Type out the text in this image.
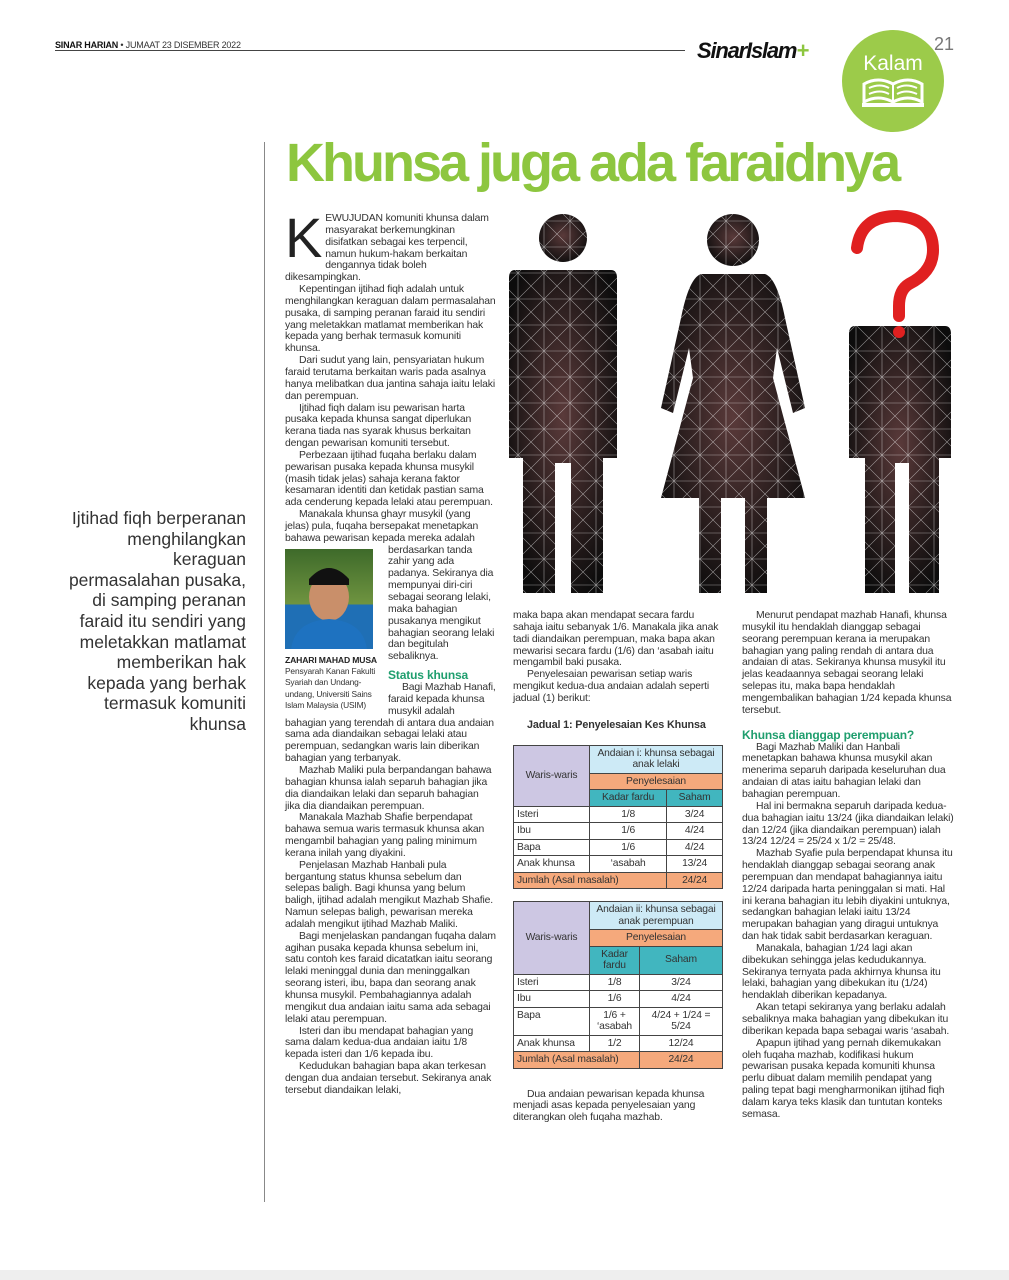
SINAR HARIAN • JUMAAT 23 DISEMBER 2022	SinarIslam+
Kalam
21
Khunsa juga ada faraidnya
Ijtihad fiqh berperanan menghilangkan keraguan permasalahan pusaka, di samping peranan faraid itu sendiri yang meletakkan matlamat memberikan hak kepada yang berhak termasuk komuniti khunsa

KEWUJUDAN komuniti khunsa dalam masyarakat berkemungkinan disifatkan sebagai kes terpencil, namun hukum-hakam berkaitan dengannya tidak boleh dikesampingkan.

Kepentingan ijtihad fiqh adalah untuk menghilangkan keraguan dalam permasalahan pusaka, di samping peranan faraid itu sendiri yang meletakkan matlamat memberikan hak kepada yang berhak termasuk komuniti khunsa.

Dari sudut yang lain, pensyariatan hukum faraid terutama berkaitan waris pada asalnya hanya melibatkan dua jantina sahaja iaitu lelaki dan perempuan.

Ijtihad fiqh dalam isu pewarisan harta pusaka kepada khunsa sangat diperlukan kerana tiada nas syarak khusus berkaitan dengan pewarisan komuniti tersebut.

Perbezaan ijtihad fuqaha berlaku dalam pewarisan pusaka kepada khunsa musykil (masih tidak jelas) sahaja kerana faktor kesamaran identiti dan ketidak pastian sama ada cenderung kepada lelaki atau perempuan.

Manakala khunsa ghayr musykil (yang jelas) pula, fuqaha bersepakat menetapkan bahawa pewarisan kepada
ZAHARI MAHAD MUSA
Pensyarah Kanan Fakulti Syariah dan Undang-undang, Universiti Sains Islam Malaysia (USIM)
mereka adalah berdasarkan tanda zahir yang ada padanya. Sekiranya dia mempunyai diri-ciri sebagai seorang lelaki, maka bahagian pusakanya mengikut bahagian seorang lelaki dan begitulah sebaliknya.

Status khunsa

Bagi Mazhab Hanafi, faraid kepada khunsa musykil adalah bahagian yang terendah di antara dua andaian sama ada diandaikan sebagai lelaki atau perempuan, sedangkan waris lain diberikan bahagian yang terbanyak.

Mazhab Maliki pula berpandangan bahawa bahagian khunsa ialah separuh bahagian jika dia diandaikan lelaki dan separuh bahagian jika dia diandaikan perempuan.

Manakala Mazhab Shafie berpendapat bahawa semua waris termasuk khunsa akan mengambil bahagian yang paling minimum kerana inilah yang diyakini.

Penjelasan Mazhab Hanbali pula bergantung status khunsa sebelum dan selepas baligh. Bagi khunsa yang belum baligh, ijtihad adalah mengikut Mazhab Shafie. Namun selepas baligh, pewarisan mereka adalah mengikut ijtihad Mazhab Maliki.

Bagi menjelaskan pandangan fuqaha dalam agihan pusaka kepada khunsa sebelum ini, satu contoh kes faraid dicatatkan iaitu seorang lelaki meninggal dunia dan meninggalkan seorang isteri, ibu, bapa dan seorang anak khunsa musykil. Pembahagiannya adalah mengikut dua andaian iaitu sama ada sebagai lelaki atau perempuan.

Isteri dan ibu mendapat bahagian yang sama dalam kedua-dua andaian iaitu 1/8 kepada isteri dan 1/6 kepada ibu.

Kedudukan bahagian bapa akan terkesan dengan dua andaian tersebut. Sekiranya anak tersebut diandaikan lelaki,

maka bapa akan mendapat secara fardu sahaja iaitu sebanyak 1/6. Manakala jika anak tadi diandaikan perempuan, maka bapa akan mewarisi secara fardu (1/6) dan ‘asabah iaitu mengambil baki pusaka.

Penyelesaian pewarisan setiap waris mengikut kedua-dua andaian adalah seperti jadual (1) berikut:

Jadual 1: Penyelesaian Kes Khunsa

Waris-waris	Andaian i: khunsa sebagai anak lelaki	
	Penyelesaian	
	Kadar fardu	Saham
Isteri	1/8	3/24
Ibu	1/6	4/24
Bapa	1/6	4/24
Anak khunsa	‘asabah	13/24
Jumlah (Asal masalah)		24/24
Waris-waris	Andaian ii: khunsa sebagai anak perempuan	
	Penyelesaian	
	Kadar fardu	Saham
Isteri	1/8	3/24
Ibu	1/6	4/24
Bapa	1/6 + ‘asabah	4/24 + 1/24 = 5/24
Anak khunsa	1/2	12/24
Jumlah (Asal masalah)		24/24

Dua andaian pewarisan kepada khunsa menjadi asas kepada penyelesaian yang diterangkan oleh fuqaha mazhab.

Menurut pendapat mazhab Hanafi, khunsa musykil itu hendaklah dianggap sebagai seorang perempuan kerana ia merupakan bahagian yang paling rendah di antara dua andaian di atas. Sekiranya khunsa musykil itu jelas keadaannya sebagai seorang lelaki selepas itu, maka bapa hendaklah mengembalikan bahagian 1/24 kepada khunsa tersebut.

Khunsa dianggap perempuan?

Bagi Mazhab Maliki dan Hanbali menetapkan bahawa khunsa musykil akan menerima separuh daripada keseluruhan dua andaian di atas iaitu bahagian lelaki dan bahagian perempuan.

Hal ini bermakna separuh daripada kedua-dua bahagian iaitu 13/24 (jika diandaikan lelaki) dan 12/24 (jika diandaikan perempuan) ialah 13/24 12/24 = 25/24 x 1/2 = 25/48.

Mazhab Syafie pula berpendapat khunsa itu hendaklah dianggap sebagai seorang anak perempuan dan mendapat bahagiannya iaitu 12/24 daripada harta peninggalan si mati. Hal ini kerana bahagian itu lebih diyakini untuknya, sedangkan bahagian lelaki iaitu 13/24 merupakan bahagian yang diragui untuknya dan hak tidak sabit berdasarkan keraguan.

Manakala, bahagian 1/24 lagi akan dibekukan sehingga jelas kedudukannya. Sekiranya ternyata pada akhirnya khunsa itu lelaki, bahagian yang dibekukan itu (1/24) hendaklah diberikan kepadanya.

Akan tetapi sekiranya yang berlaku adalah sebaliknya maka bahagian yang dibekukan itu diberikan kepada bapa sebagai waris ‘asabah.

Apapun ijtihad yang pernah dikemukakan oleh fuqaha mazhab, kodifikasi hukum pewarisan pusaka kepada komuniti khunsa perlu dibuat dalam memilih pendapat yang paling tepat bagi mengharmonikan ijtihad fiqh dalam karya teks klasik dan tuntutan konteks semasa.
